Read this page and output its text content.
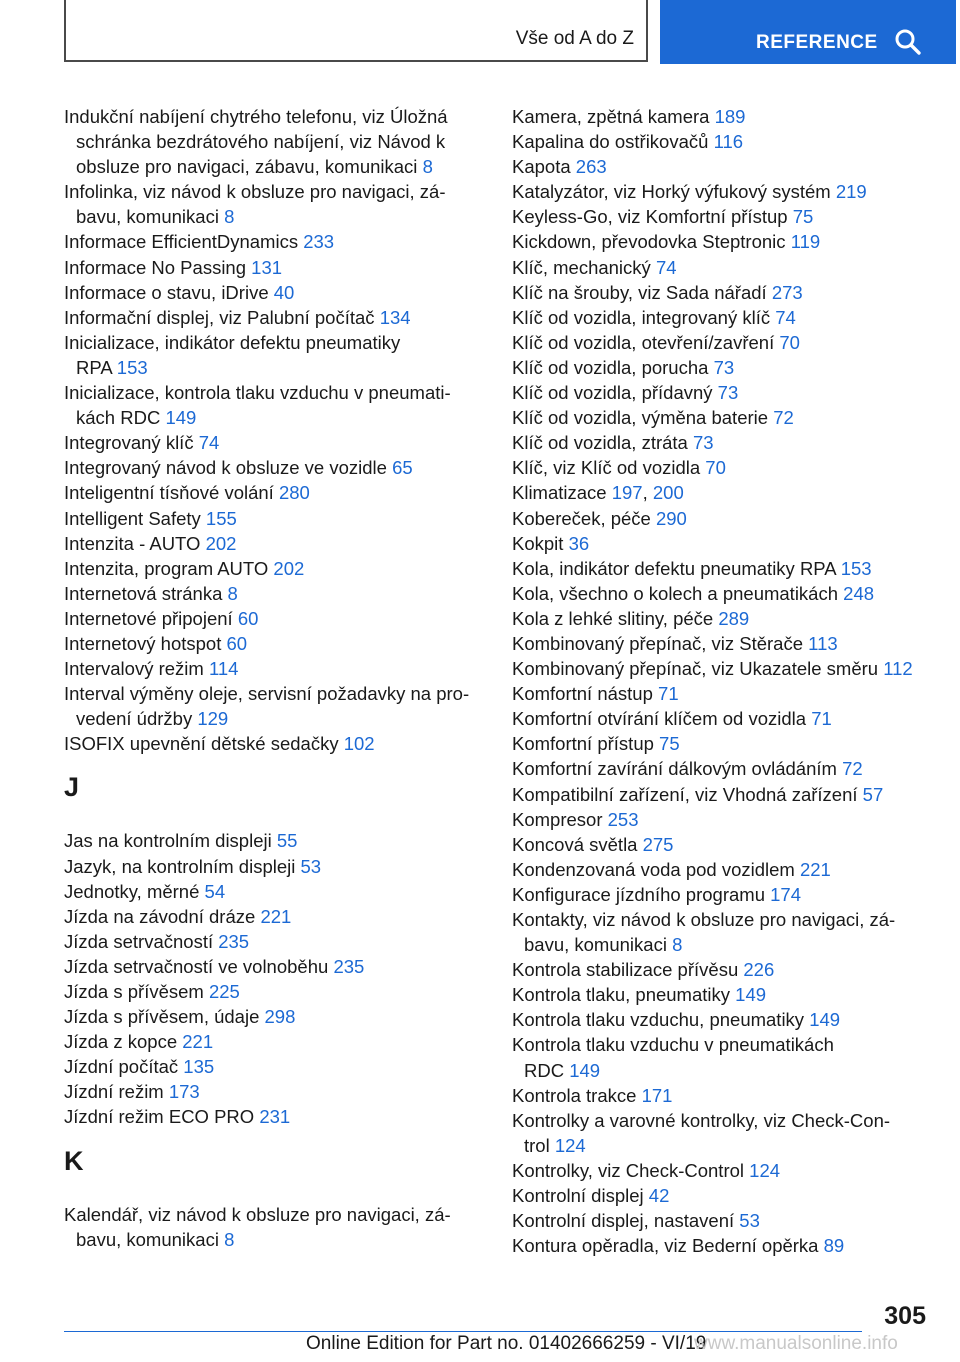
Vše od A do Z	REFERENCE
Indukční nabíjení chytrého telefonu, viz Úložná
schránka bezdrátového nabíjení, viz Návod k
obsluze pro navigaci, zábavu, komunikaci 8
Infolinka, viz návod k obsluze pro navigaci, zá-
bavu, komunikaci 8
Informace EfficientDynamics 233
Informace No Passing 131
Informace o stavu, iDrive 40
Informační displej, viz Palubní počítač 134
Inicializace, indikátor defektu pneumatiky
RPA 153
Inicializace, kontrola tlaku vzduchu v pneumati-
kách RDC 149
Integrovaný klíč 74
Integrovaný návod k obsluze ve vozidle 65
Inteligentní tísňové volání 280
Intelligent Safety 155
Intenzita - AUTO 202
Intenzita, program AUTO 202
Internetová stránka 8
Internetové připojení 60
Internetový hotspot 60
Intervalový režim 114
Interval výměny oleje, servisní požadavky na pro-
vedení údržby 129
ISOFIX upevnění dětské sedačky 102
J
Jas na kontrolním displeji 55
Jazyk, na kontrolním displeji 53
Jednotky, měrné 54
Jízda na závodní dráze 221
Jízda setrvačností 235
Jízda setrvačností ve volnoběhu 235
Jízda s přívěsem 225
Jízda s přívěsem, údaje 298
Jízda z kopce 221
Jízdní počítač 135
Jízdní režim 173
Jízdní režim ECO PRO 231
K
Kalendář, viz návod k obsluze pro navigaci, zá-
bavu, komunikaci 8
Kamera, zpětná kamera 189
Kapalina do ostřikovačů 116
Kapota 263
Katalyzátor, viz Horký výfukový systém 219
Keyless-Go, viz Komfortní přístup 75
Kickdown, převodovka Steptronic 119
Klíč, mechanický 74
Klíč na šrouby, viz Sada nářadí 273
Klíč od vozidla, integrovaný klíč 74
Klíč od vozidla, otevření/zavření 70
Klíč od vozidla, porucha 73
Klíč od vozidla, přídavný 73
Klíč od vozidla, výměna baterie 72
Klíč od vozidla, ztráta 73
Klíč, viz Klíč od vozidla 70
Klimatizace 197, 200
Kobereček, péče 290
Kokpit 36
Kola, indikátor defektu pneumatiky RPA 153
Kola, všechno o kolech a pneumatikách 248
Kola z lehké slitiny, péče 289
Kombinovaný přepínač, viz Stěrače 113
Kombinovaný přepínač, viz Ukazatele směru 112
Komfortní nástup 71
Komfortní otvírání klíčem od vozidla 71
Komfortní přístup 75
Komfortní zavírání dálkovým ovládáním 72
Kompatibilní zařízení, viz Vhodná zařízení 57
Kompresor 253
Koncová světla 275
Kondenzovaná voda pod vozidlem 221
Konfigurace jízdního programu 174
Kontakty, viz návod k obsluze pro navigaci, zá-
bavu, komunikaci 8
Kontrola stabilizace přívěsu 226
Kontrola tlaku, pneumatiky 149
Kontrola tlaku vzduchu, pneumatiky 149
Kontrola tlaku vzduchu v pneumatikách
RDC 149
Kontrola trakce 171
Kontrolky a varovné kontrolky, viz Check-Con-
trol 124
Kontrolky, viz Check-Control 124
Kontrolní displej 42
Kontrolní displej, nastavení 53
Kontura opěradla, viz Bederní opěrka 89
305
Online Edition for Part no. 01402666259 - VI/19
www.manualsonline.info
